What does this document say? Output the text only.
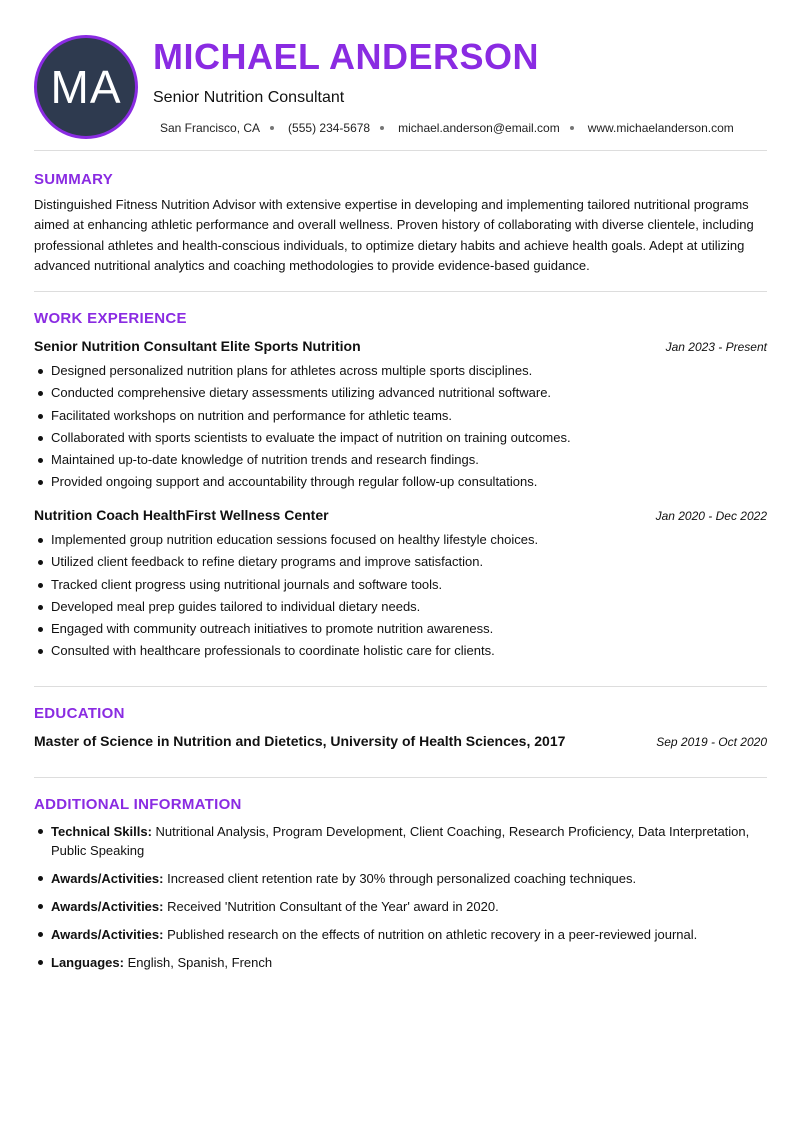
MA
MICHAEL ANDERSON
Senior Nutrition Consultant
San Francisco, CA (555) 234-5678 michael.anderson@email.com www.michaelanderson.com
SUMMARY
Distinguished Fitness Nutrition Advisor with extensive expertise in developing and implementing tailored nutritional programs aimed at enhancing athletic performance and overall wellness. Proven history of collaborating with diverse clientele, including professional athletes and health-conscious individuals, to optimize dietary habits and achieve health goals. Adept at utilizing advanced nutritional analytics and coaching methodologies to provide evidence-based guidance.
WORK EXPERIENCE
Senior Nutrition Consultant Elite Sports Nutrition	Jan 2023 - Present
Designed personalized nutrition plans for athletes across multiple sports disciplines.
Conducted comprehensive dietary assessments utilizing advanced nutritional software.
Facilitated workshops on nutrition and performance for athletic teams.
Collaborated with sports scientists to evaluate the impact of nutrition on training outcomes.
Maintained up-to-date knowledge of nutrition trends and research findings.
Provided ongoing support and accountability through regular follow-up consultations.
Nutrition Coach HealthFirst Wellness Center	Jan 2020 - Dec 2022
Implemented group nutrition education sessions focused on healthy lifestyle choices.
Utilized client feedback to refine dietary programs and improve satisfaction.
Tracked client progress using nutritional journals and software tools.
Developed meal prep guides tailored to individual dietary needs.
Engaged with community outreach initiatives to promote nutrition awareness.
Consulted with healthcare professionals to coordinate holistic care for clients.
EDUCATION
Master of Science in Nutrition and Dietetics, University of Health Sciences, 2017	Sep 2019 - Oct 2020
ADDITIONAL INFORMATION
Technical Skills: Nutritional Analysis, Program Development, Client Coaching, Research Proficiency, Data Interpretation, Public Speaking
Awards/Activities: Increased client retention rate by 30% through personalized coaching techniques.
Awards/Activities: Received 'Nutrition Consultant of the Year' award in 2020.
Awards/Activities: Published research on the effects of nutrition on athletic recovery in a peer-reviewed journal.
Languages: English, Spanish, French
